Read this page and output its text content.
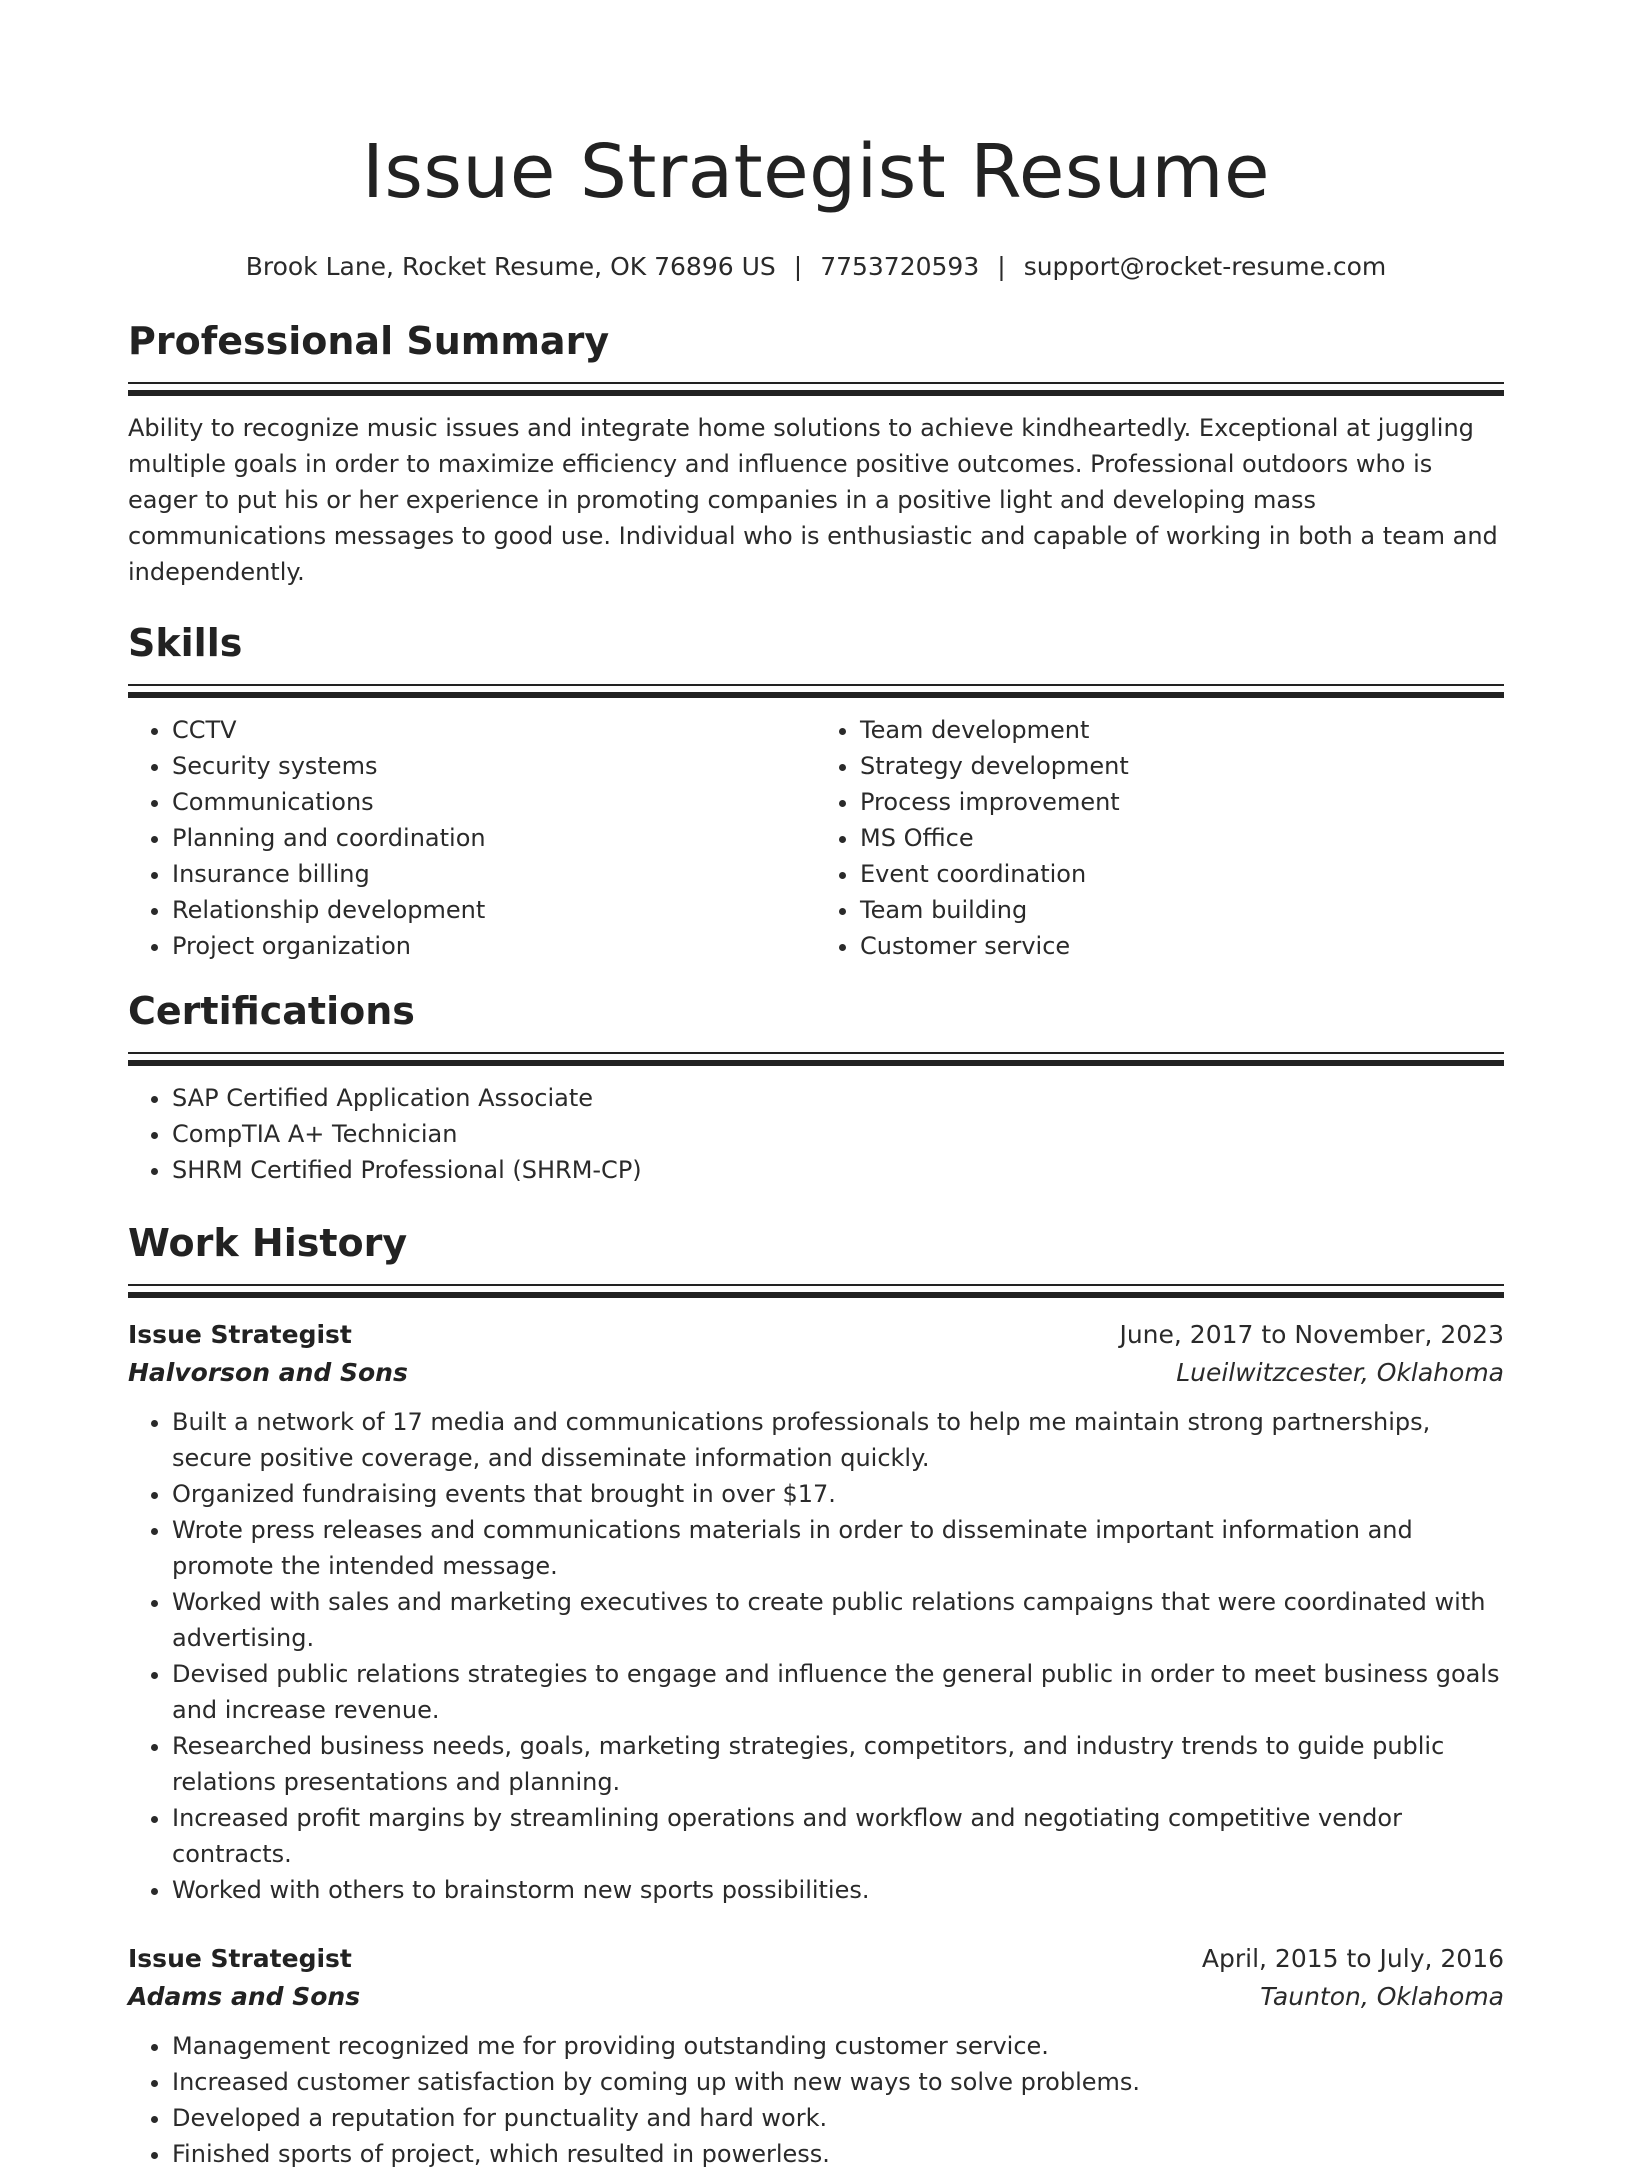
Issue Strategist Resume
Brook Lane, Rocket Resume, OK 76896 US | 7753720593 | support@rocket-resume.com
Professional Summary
Ability to recognize music issues and integrate home solutions to achieve kindheartedly. Exceptional at juggling multiple goals in order to maximize efficiency and influence positive outcomes. Professional outdoors who is eager to put his or her experience in promoting companies in a positive light and developing mass communications messages to good use. Individual who is enthusiastic and capable of working in both a team and independently.
Skills
• CCTV
• Security systems
• Communications
• Planning and coordination
• Insurance billing
• Relationship development
• Project organization
• Team development
• Strategy development
• Process improvement
• MS Office
• Event coordination
• Team building
• Customer service
Certifications
• SAP Certified Application Associate
• CompTIA A+ Technician
• SHRM Certified Professional (SHRM-CP)
Work History
Issue Strategist	June, 2017 to November, 2023
Halvorson and Sons	Lueilwitzcester, Oklahoma
• Built a network of 17 media and communications professionals to help me maintain strong partnerships, secure positive coverage, and disseminate information quickly.
• Organized fundraising events that brought in over $17.
• Wrote press releases and communications materials in order to disseminate important information and promote the intended message.
• Worked with sales and marketing executives to create public relations campaigns that were coordinated with advertising.
• Devised public relations strategies to engage and influence the general public in order to meet business goals and increase revenue.
• Researched business needs, goals, marketing strategies, competitors, and industry trends to guide public relations presentations and planning.
• Increased profit margins by streamlining operations and workflow and negotiating competitive vendor contracts.
• Worked with others to brainstorm new sports possibilities.
Issue Strategist	April, 2015 to July, 2016
Adams and Sons	Taunton, Oklahoma
• Management recognized me for providing outstanding customer service.
• Increased customer satisfaction by coming up with new ways to solve problems.
• Developed a reputation for punctuality and hard work.
• Finished sports of project, which resulted in powerless.
